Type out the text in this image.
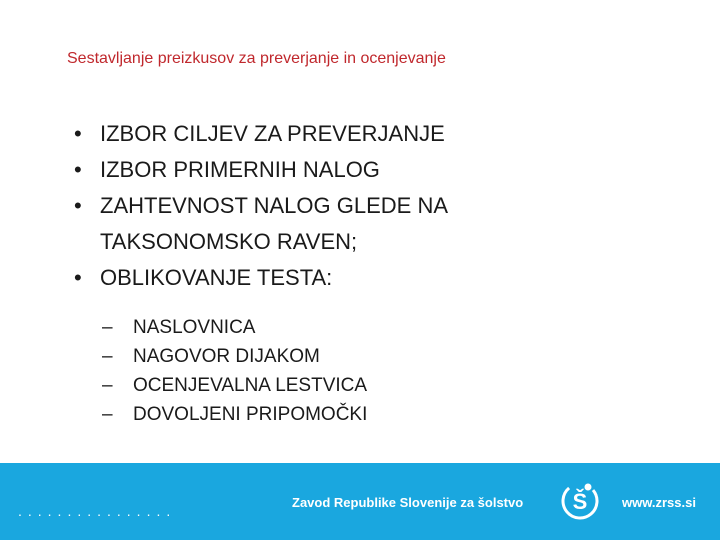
Sestavljanje preizkusov za preverjanje in ocenjevanje
• IZBOR CILJEV ZA PREVERJANJE
• IZBOR PRIMERNIH NALOG
• ZAHTEVNOST NALOG GLEDE NA
TAKSONOMSKO RAVEN;
• OBLIKOVANJE TESTA:
– NASLOVNICA
– NAGOVOR DIJAKOM
– OCENJEVALNA LESTVICA
– DOVOLJENI PRIPOMOČKI
................
Zavod Republike Slovenije za šolstvo Š	www.zrss.si
